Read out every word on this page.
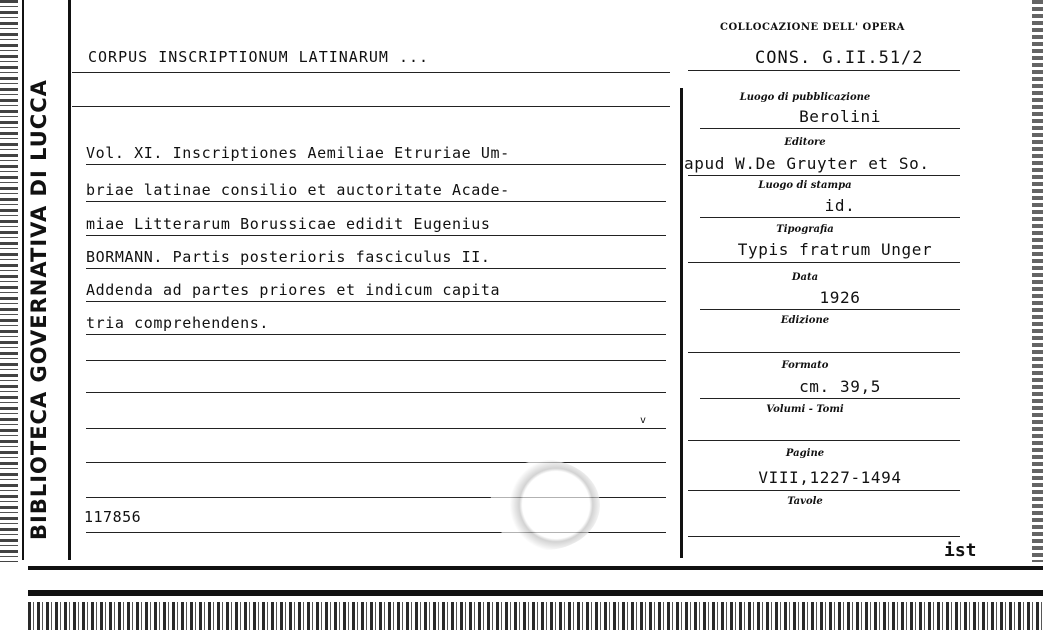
BIBLIOTECA GOVERNATIVA DI LUCCA
COLLOCAZIONE DELL' OPERA
CORPUS INSCRIPTIONUM LATINARUM ...	CONS. G.II.51/2
Vol. XI. Inscriptiones Aemiliae Etruriae Um-
briae latinae consilio et auctoritate Acade-
miae Litterarum Borussicae edidit Eugenius
BORMANN. Partis posterioris fasciculus II.
Addenda ad partes priores et indicum capita
tria comprehendens.
v
117856
Luogo di pubblicazione
Berolini
Editore
apud W.De Gruyter et So.
Luogo di stampa
id.
Tipografia
Typis fratrum Unger
Data
1926
Edizione
Formato
cm. 39,5
Volumi - Tomi
Pagine
VIII,1227-1494
Tavole
ist
